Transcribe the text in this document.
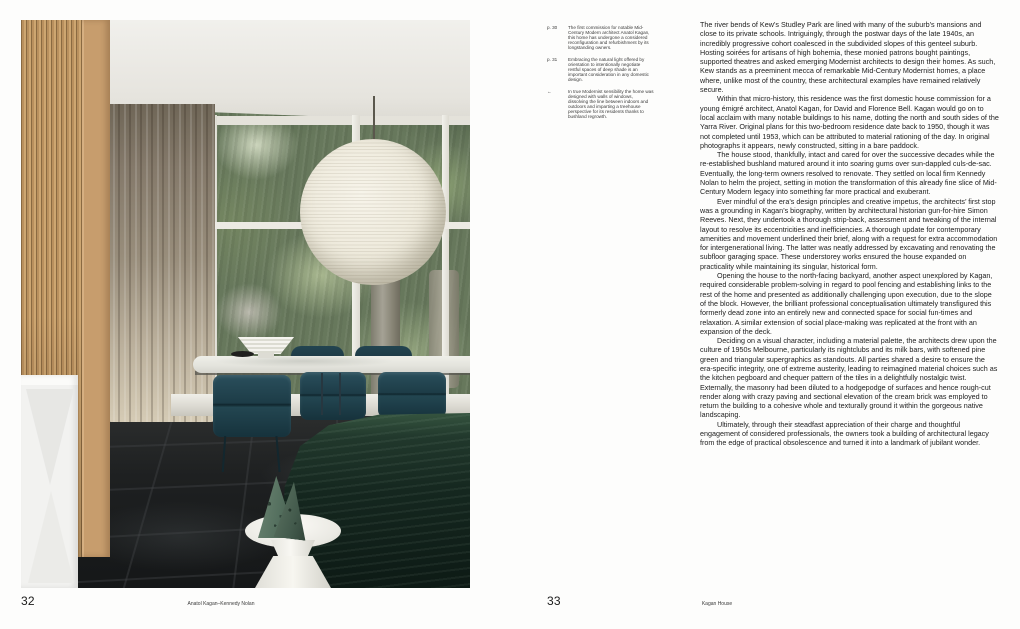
p. 30	The first commission for notable Mid-Century Modern architect Anatol Kagan, this home has undergone a considered reconfiguration and refurbishment by its longstanding owners.
p. 31	Embracing the natural light offered by orientation to intentionally negotiate restful spaces of deep shade is an important consideration in any domestic design.
←	In true Modernist sensibility the home was designed with walls of windows, dissolving the line between indoors and outdoors and imparting a treehouse perspective for its residents thanks to bushland regrowth.

The river bends of Kew’s Studley Park are lined with many of the suburb’s mansions and close to its private schools. Intriguingly, through the postwar days of the late 1940s, an incredibly progressive cohort coalesced in the subdivided slopes of this genteel suburb. Hosting soirées for artisans of high bohemia, these monied patrons bought paintings, supported theatres and asked emerging Modernist architects to design their homes. As such, Kew stands as a preeminent mecca of remarkable Mid-Century Modernist homes, a place where, unlike most of the country, these architectural examples have remained relatively secure.

Within that micro-history, this residence was the first domestic house commission for a young émigré architect, Anatol Kagan, for David and Florence Bell. Kagan would go on to local acclaim with many notable buildings to his name, dotting the north and south sides of the Yarra River. Original plans for this two-bedroom residence date back to 1950, though it was not completed until 1953, which can be attributed to material rationing of the day. In original photographs it appears, newly constructed, sitting in a bare paddock.

The house stood, thankfully, intact and cared for over the successive decades while the re-established bushland matured around it into soaring gums over sun-dappled culs-de-sac. Eventually, the long-term owners resolved to renovate. They settled on local firm Kennedy Nolan to helm the project, setting in motion the transformation of this already fine slice of Mid-Century Modern legacy into something far more practical and exuberant.

Ever mindful of the era’s design principles and creative impetus, the architects’ first stop was a grounding in Kagan’s biography, written by architectural historian gun-for-hire Simon Reeves. Next, they undertook a thorough strip-back, assessment and tweaking of the internal layout to resolve its eccentricities and inefficiencies. A thorough update for contemporary amenities and movement underlined their brief, along with a request for extra accommodation for intergenerational living. The latter was neatly addressed by excavating and renovating the subfloor garaging space. These understorey works ensured the house expanded on practicality while maintaining its singular, historical form.

Opening the house to the north-facing backyard, another aspect unexplored by Kagan, required considerable problem-solving in regard to pool fencing and establishing links to the rest of the home and presented as additionally challenging upon execution, due to the slope of the block. However, the brilliant professional conceptualisation ultimately transfigured this formerly dead zone into an entirely new and connected space for social fun-times and relaxation. A similar extension of social place-making was replicated at the front with an expansion of the deck.

Deciding on a visual character, including a material palette, the architects drew upon the culture of 1950s Melbourne, particularly its nightclubs and its milk bars, with softened pine green and triangular supergraphics as standouts. All parties shared a desire to ensure the era-specific integrity, one of extreme austerity, leading to reimagined material choices such as the kitchen pegboard and chequer pattern of the tiles in a delightfully nostalgic twist. Externally, the masonry had been diluted to a hodgepodge of surfaces and hence rough-cut render along with crazy paving and sectional elevation of the cream brick was employed to return the building to a cohesive whole and texturally ground it within the gorgeous native landscaping.

Ultimately, through their steadfast appreciation of their charge and thoughtful engagement of considered professionals, the owners took a building of architectural legacy from the edge of practical obsolescence and turned it into a landmark of jubilant wonder.

32	Anatol Kagan–Kennedy Nolan	33	Kagan House
